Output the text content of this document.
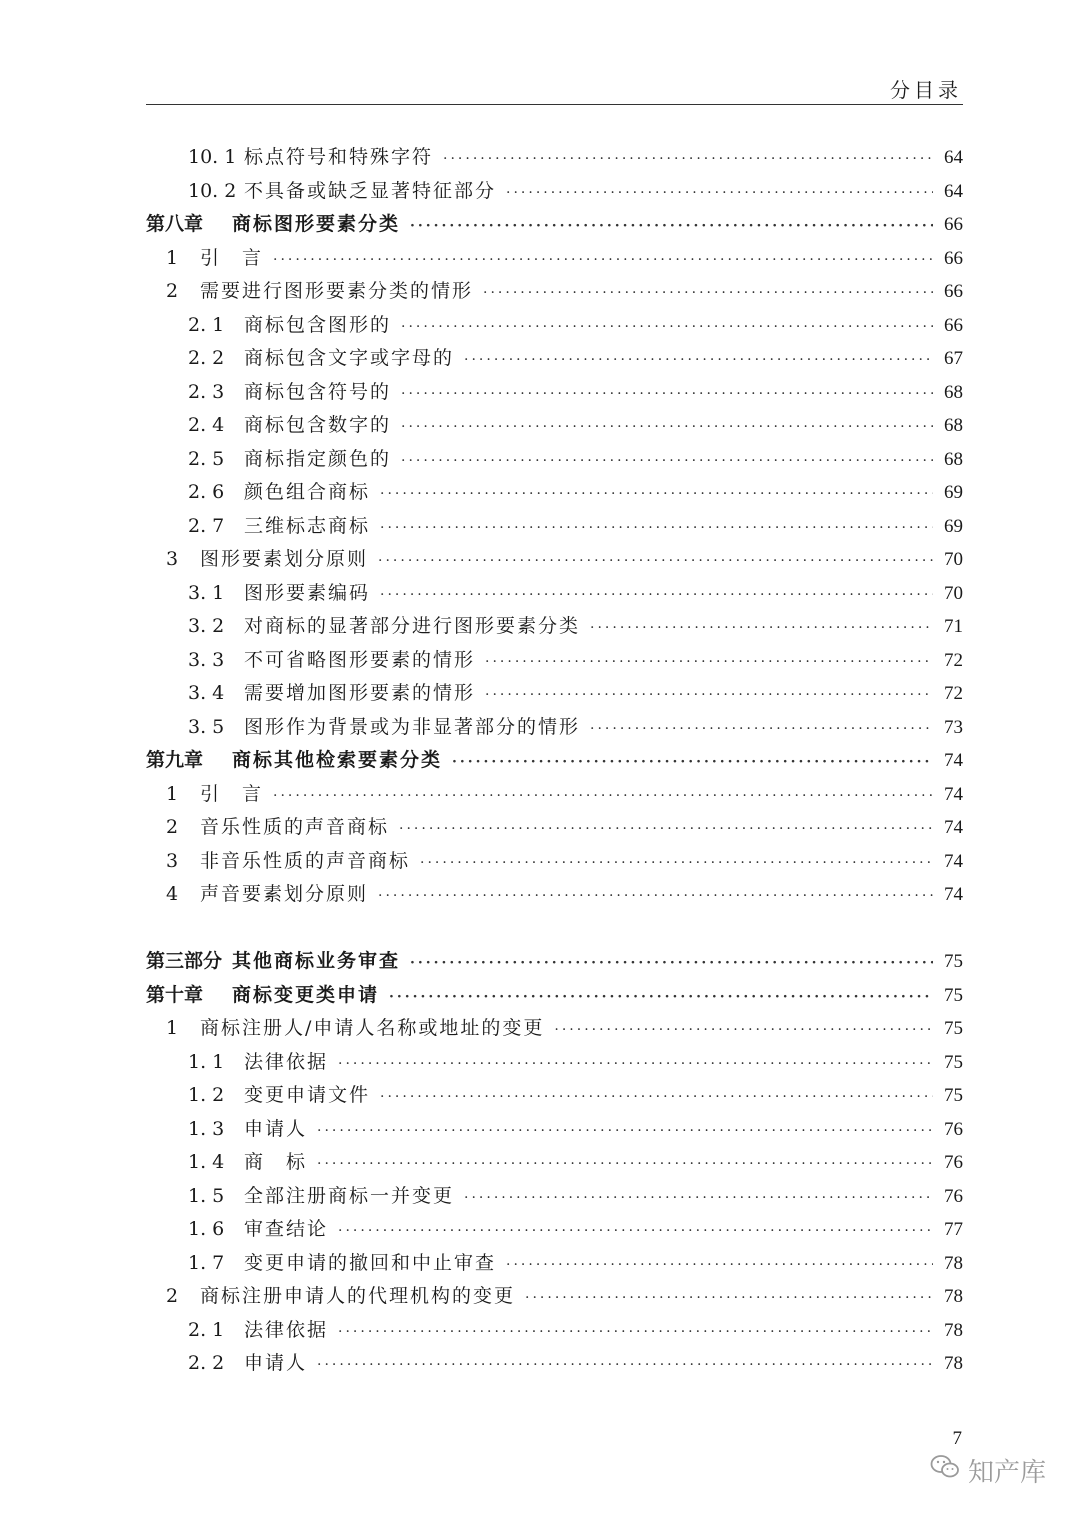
分目录
10. 1 标点符号和特殊字符 ·····	64
10. 2 不具备或缺乏显著特征部分 ·····	64
第八章	商标图形要素分类 ·····	66
1	引　言 ·····	66
2	需要进行图形要素分类的情形 ·····	66
2. 1	商标包含图形的 ·····	66
2. 2	商标包含文字或字母的 ·····	67
2. 3	商标包含符号的 ·····	68
2. 4	商标包含数字的 ·····	68
2. 5	商标指定颜色的 ·····	68
2. 6	颜色组合商标 ·····	69
2. 7	三维标志商标 ·····	69
3	图形要素划分原则 ·····	70
3. 1	图形要素编码 ·····	70
3. 2	对商标的显著部分进行图形要素分类 ·····	71
3. 3	不可省略图形要素的情形 ·····	72
3. 4	需要增加图形要素的情形 ·····	72
3. 5	图形作为背景或为非显著部分的情形 ·····	73
第九章	商标其他检索要素分类 ·····	74
1	引　言 ·····	74
2	音乐性质的声音商标 ·····	74
3	非音乐性质的声音商标 ·····	74
4	声音要素划分原则 ·····	74
第三部分 其他商标业务审查 ·····	75
第十章	商标变更类申请 ·····	75
1	商标注册人/申请人名称或地址的变更 ·····	75
1. 1	法律依据 ·····	75
1. 2	变更申请文件 ·····	75
1. 3	申请人 ·····	76
1. 4	商　标 ·····	76
1. 5	全部注册商标一并变更 ·····	76
1. 6	审查结论 ·····	77
1. 7	变更申请的撤回和中止审查 ·····	78
2	商标注册申请人的代理机构的变更 ·····	78
2. 1	法律依据 ·····	78
2. 2	申请人 ·····	78
7
知产库
